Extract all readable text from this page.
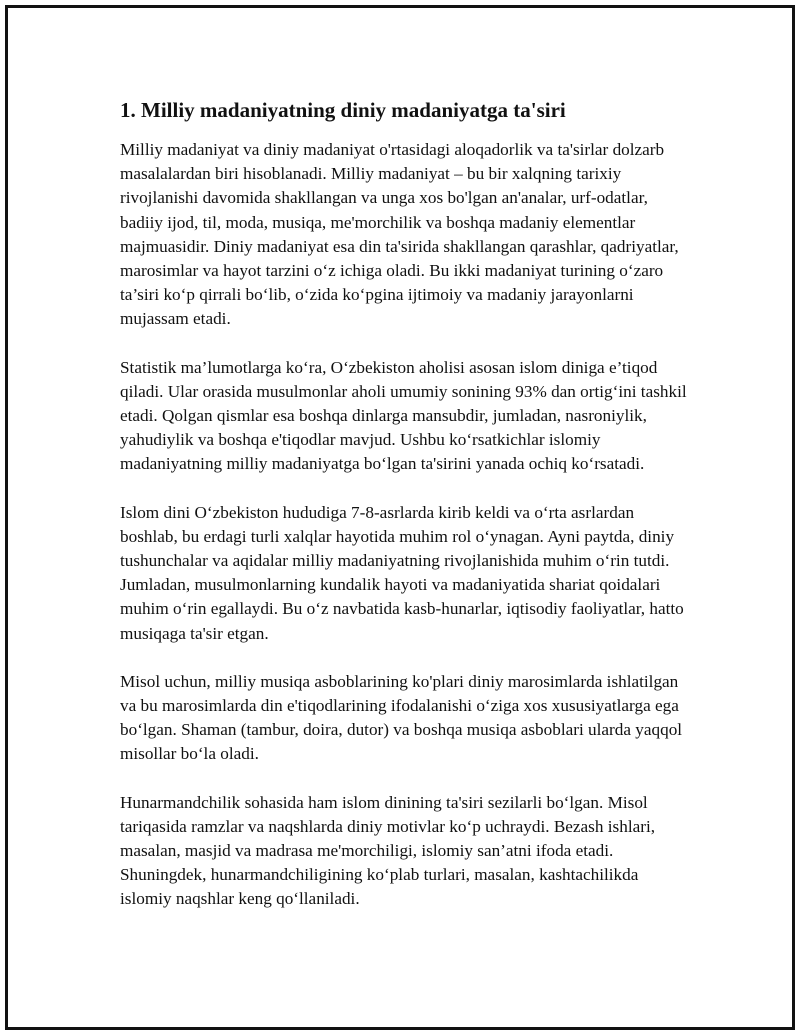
1. Milliy madaniyatning diniy madaniyatga ta'siri

Milliy madaniyat va diniy madaniyat o'rtasidagi aloqadorlik va ta'sirlar dolzarb masalalardan biri hisoblanadi. Milliy madaniyat – bu bir xalqning tarixiy rivojlanishi davomida shakllangan va unga xos bo'lgan an'analar, urf-odatlar, badiiy ijod, til, moda, musiqa, me'morchilik va boshqa madaniy elementlar majmuasidir. Diniy madaniyat esa din ta'sirida shakllangan qarashlar, qadriyatlar, marosimlar va hayot tarzini o‘z ichiga oladi. Bu ikki madaniyat turining o‘zaro ta’siri ko‘p qirrali bo‘lib, o‘zida ko‘pgina ijtimoiy va madaniy jarayonlarni mujassam etadi.

Statistik ma’lumotlarga ko‘ra, O‘zbekiston aholisi asosan islom diniga e’tiqod qiladi. Ular orasida musulmonlar aholi umumiy sonining 93% dan ortig‘ini tashkil etadi. Qolgan qismlar esa boshqa dinlarga mansubdir, jumladan, nasroniylik, yahudiylik va boshqa e'tiqodlar mavjud. Ushbu ko‘rsatkichlar islomiy madaniyatning milliy madaniyatga bo‘lgan ta'sirini yanada ochiq ko‘rsatadi.

Islom dini O‘zbekiston hududiga 7-8-asrlarda kirib keldi va o‘rta asrlardan boshlab, bu erdagi turli xalqlar hayotida muhim rol o‘ynagan. Ayni paytda, diniy tushunchalar va aqidalar milliy madaniyatning rivojlanishida muhim o‘rin tutdi. Jumladan, musulmonlarning kundalik hayoti va madaniyatida shariat qoidalari muhim o‘rin egallaydi. Bu o‘z navbatida kasb-hunarlar, iqtisodiy faoliyatlar, hatto musiqaga ta'sir etgan.

Misol uchun, milliy musiqa asboblarining ko'plari diniy marosimlarda ishlatilgan va bu marosimlarda din e'tiqodlarining ifodalanishi o‘ziga xos xususiyatlarga ega bo‘lgan. Shaman (tambur, doira, dutor) va boshqa musiqa asboblari ularda yaqqol misollar bo‘la oladi.

Hunarmandchilik sohasida ham islom dinining ta'siri sezilarli bo‘lgan. Misol tariqasida ramzlar va naqshlarda diniy motivlar ko‘p uchraydi. Bezash ishlari, masalan, masjid va madrasa me'morchiligi, islomiy san’atni ifoda etadi. Shuningdek, hunarmandchiligining ko‘plab turlari, masalan, kashtachilikda islomiy naqshlar keng qo‘llaniladi.
